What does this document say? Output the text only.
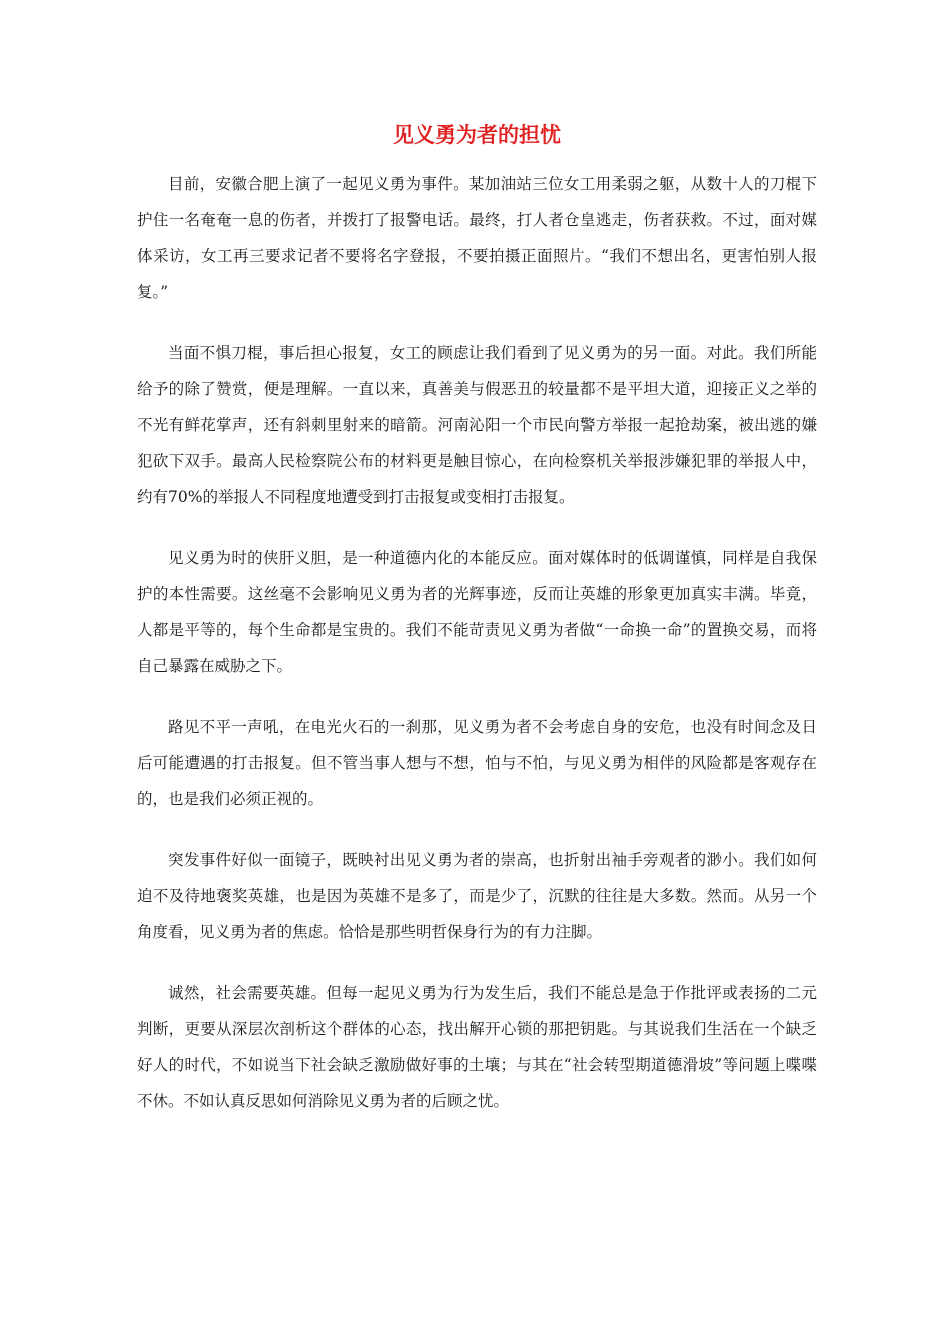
见义勇为者的担忧

目前，安徽合肥上演了一起见义勇为事件。某加油站三位女工用柔弱之躯，从数十人的刀棍下护住一名奄奄一息的伤者，并拨打了报警电话。最终，打人者仓皇逃走，伤者获救。不过，面对媒体采访，女工再三要求记者不要将名字登报，不要拍摄正面照片。“我们不想出名，更害怕别人报复。”

当面不惧刀棍，事后担心报复，女工的顾虑让我们看到了见义勇为的另一面。对此。我们所能给予的除了赞赏，便是理解。一直以来，真善美与假恶丑的较量都不是平坦大道，迎接正义之举的不光有鲜花掌声，还有斜刺里射来的暗箭。河南沁阳一个市民向警方举报一起抢劫案，被出逃的嫌犯砍下双手。最高人民检察院公布的材料更是触目惊心，在向检察机关举报涉嫌犯罪的举报人中，约有70%的举报人不同程度地遭受到打击报复或变相打击报复。

见义勇为时的侠肝义胆，是一种道德内化的本能反应。面对媒体时的低调谨慎，同样是自我保护的本性需要。这丝毫不会影响见义勇为者的光辉事迹，反而让英雄的形象更加真实丰满。毕竟，人都是平等的，每个生命都是宝贵的。我们不能苛责见义勇为者做“一命换一命”的置换交易，而将自己暴露在威胁之下。

路见不平一声吼，在电光火石的一刹那，见义勇为者不会考虑自身的安危，也没有时间念及日后可能遭遇的打击报复。但不管当事人想与不想，怕与不怕，与见义勇为相伴的风险都是客观存在的，也是我们必须正视的。

突发事件好似一面镜子，既映衬出见义勇为者的崇高，也折射出袖手旁观者的渺小。我们如何迫不及待地褒奖英雄，也是因为英雄不是多了，而是少了，沉默的往往是大多数。然而。从另一个角度看，见义勇为者的焦虑。恰恰是那些明哲保身行为的有力注脚。

诚然，社会需要英雄。但每一起见义勇为行为发生后，我们不能总是急于作批评或表扬的二元判断，更要从深层次剖析这个群体的心态，找出解开心锁的那把钥匙。与其说我们生活在一个缺乏好人的时代，不如说当下社会缺乏激励做好事的土壤；与其在“社会转型期道德滑坡”等问题上喋喋不休。不如认真反思如何消除见义勇为者的后顾之忧。
